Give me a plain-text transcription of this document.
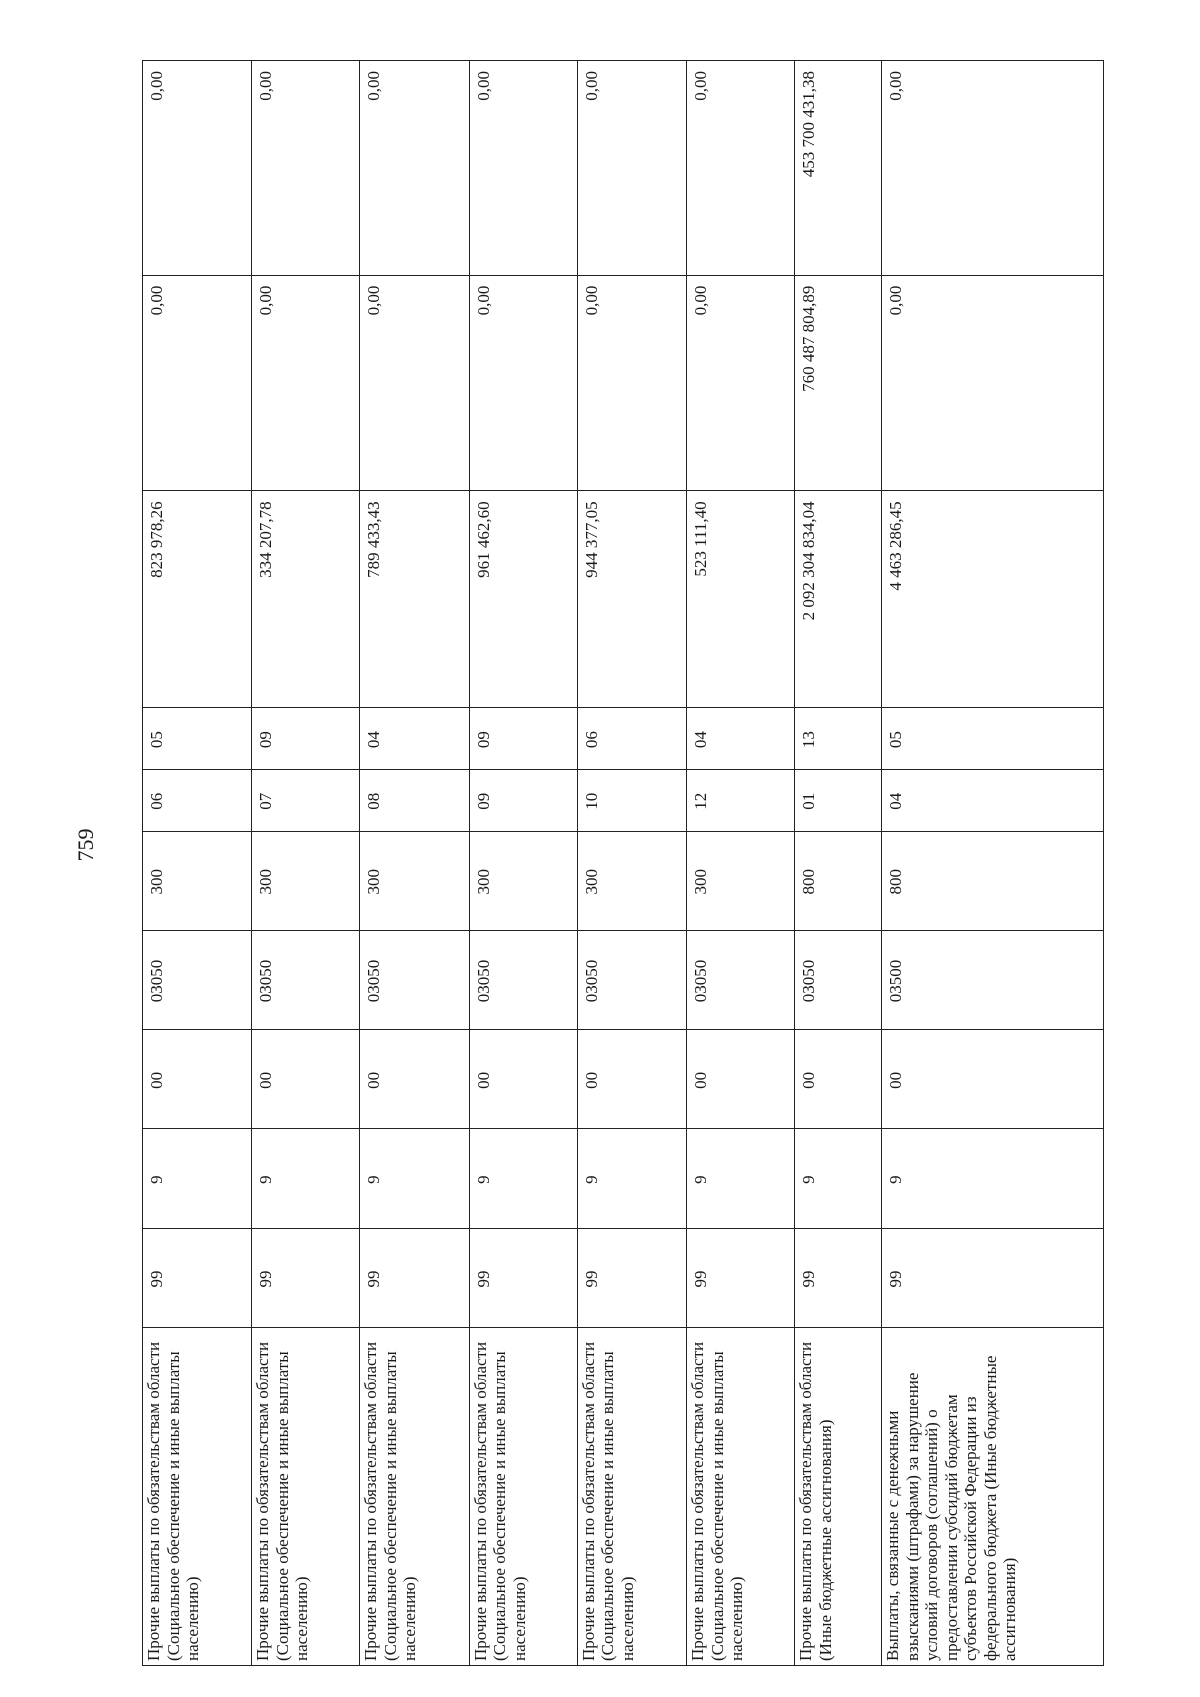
759
Прочие выплаты по обязательствам области (Социальное обеспечение и иные выплаты населению)	99	9	00	03050	300	06	05	823 978,26	0,00	0,00
Прочие выплаты по обязательствам области (Социальное обеспечение и иные выплаты населению)	99	9	00	03050	300	07	09	334 207,78	0,00	0,00
Прочие выплаты по обязательствам области (Социальное обеспечение и иные выплаты населению)	99	9	00	03050	300	08	04	789 433,43	0,00	0,00
Прочие выплаты по обязательствам области (Социальное обеспечение и иные выплаты населению)	99	9	00	03050	300	09	09	961 462,60	0,00	0,00
Прочие выплаты по обязательствам области (Социальное обеспечение и иные выплаты населению)	99	9	00	03050	300	10	06	944 377,05	0,00	0,00
Прочие выплаты по обязательствам области (Социальное обеспечение и иные выплаты населению)	99	9	00	03050	300	12	04	523 111,40	0,00	0,00
Прочие выплаты по обязательствам области (Иные бюджетные ассигнования)	99	9	00	03050	800	01	13	2 092 304 834,04	760 487 804,89	453 700 431,38
Выплаты, связанные с денежными взысканиями (штрафами) за нарушение условий договоров (соглашений) о предоставлении субсидий бюджетам субъектов Российской Федерации из федерального бюджета (Иные бюджетные ассигнования)	99	9	00	03500	800	04	05	4 463 286,45	0,00	0,00
